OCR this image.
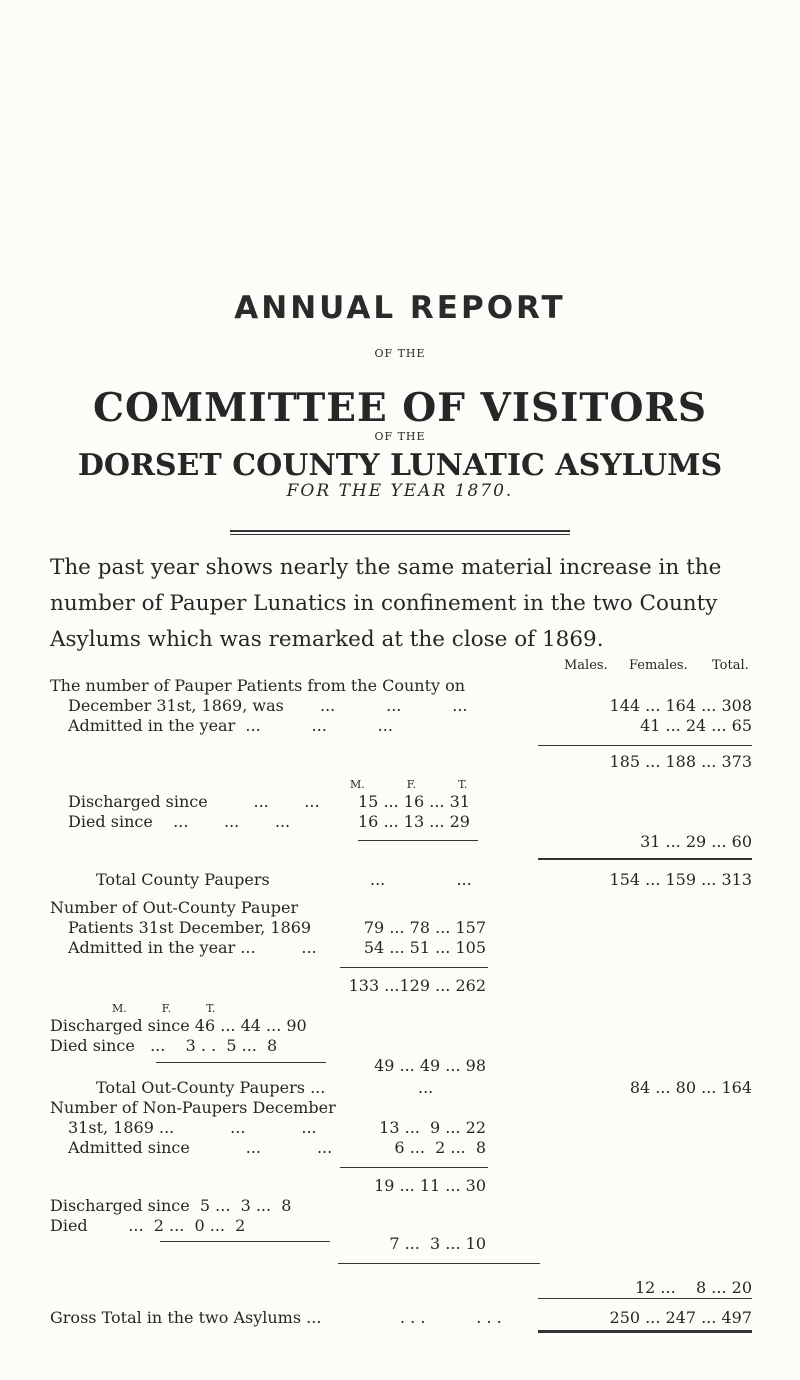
ANNUAL REPORT
OF THE
COMMITTEE OF VISITORS
OF THE
DORSET COUNTY LUNATIC ASYLUMS
FOR THE YEAR 1870.
The past year shows nearly the same material increase in the number of Pauper Lunatics in confinement in the two County Asylums which was remarked at the close of 1869.
Males. Females. Total.
The number of Pauper Patients from the County on
December 31st, 1869, was ...          ...          ...	144 ... 164 ... 308
Admitted in the year  ...          ...          ...	41 ... 24 ... 65
185 ... 188 ... 373
M.            F.            T.
Discharged since         ...       ... 15 ... 16 ... 31
Died since    ...       ...       ...	16 ... 13 ... 29
31 ... 29 ... 60
Total County Paupers	...              ...	154 ... 159 ... 313
Number of Out-County Pauper
Patients 31st December, 1869	79 ... 78 ... 157
Admitted in the year ...         ...	54 ... 51 ... 105
133 ...129 ... 262
M.          F.          T.
Discharged since 46 ... 44 ... 90
Died since   ...    3 . .  5 ...  8
49 ... 49 ... 98
Total Out-County Paupers ...	...	84 ... 80 ... 164
Number of Non-Paupers December
31st, 1869 ...           ...           ...	13 ...  9 ... 22
Admitted since           ...           ...	6 ...  2 ...  8
19 ... 11 ... 30
Discharged since  5 ...  3 ...  8
Died        ...  2 ...  0 ...  2
7 ...  3 ... 10
12 ...    8 ... 20
Gross Total in the two Asylums ...	. . .          . . .	250 ... 247 ... 497
